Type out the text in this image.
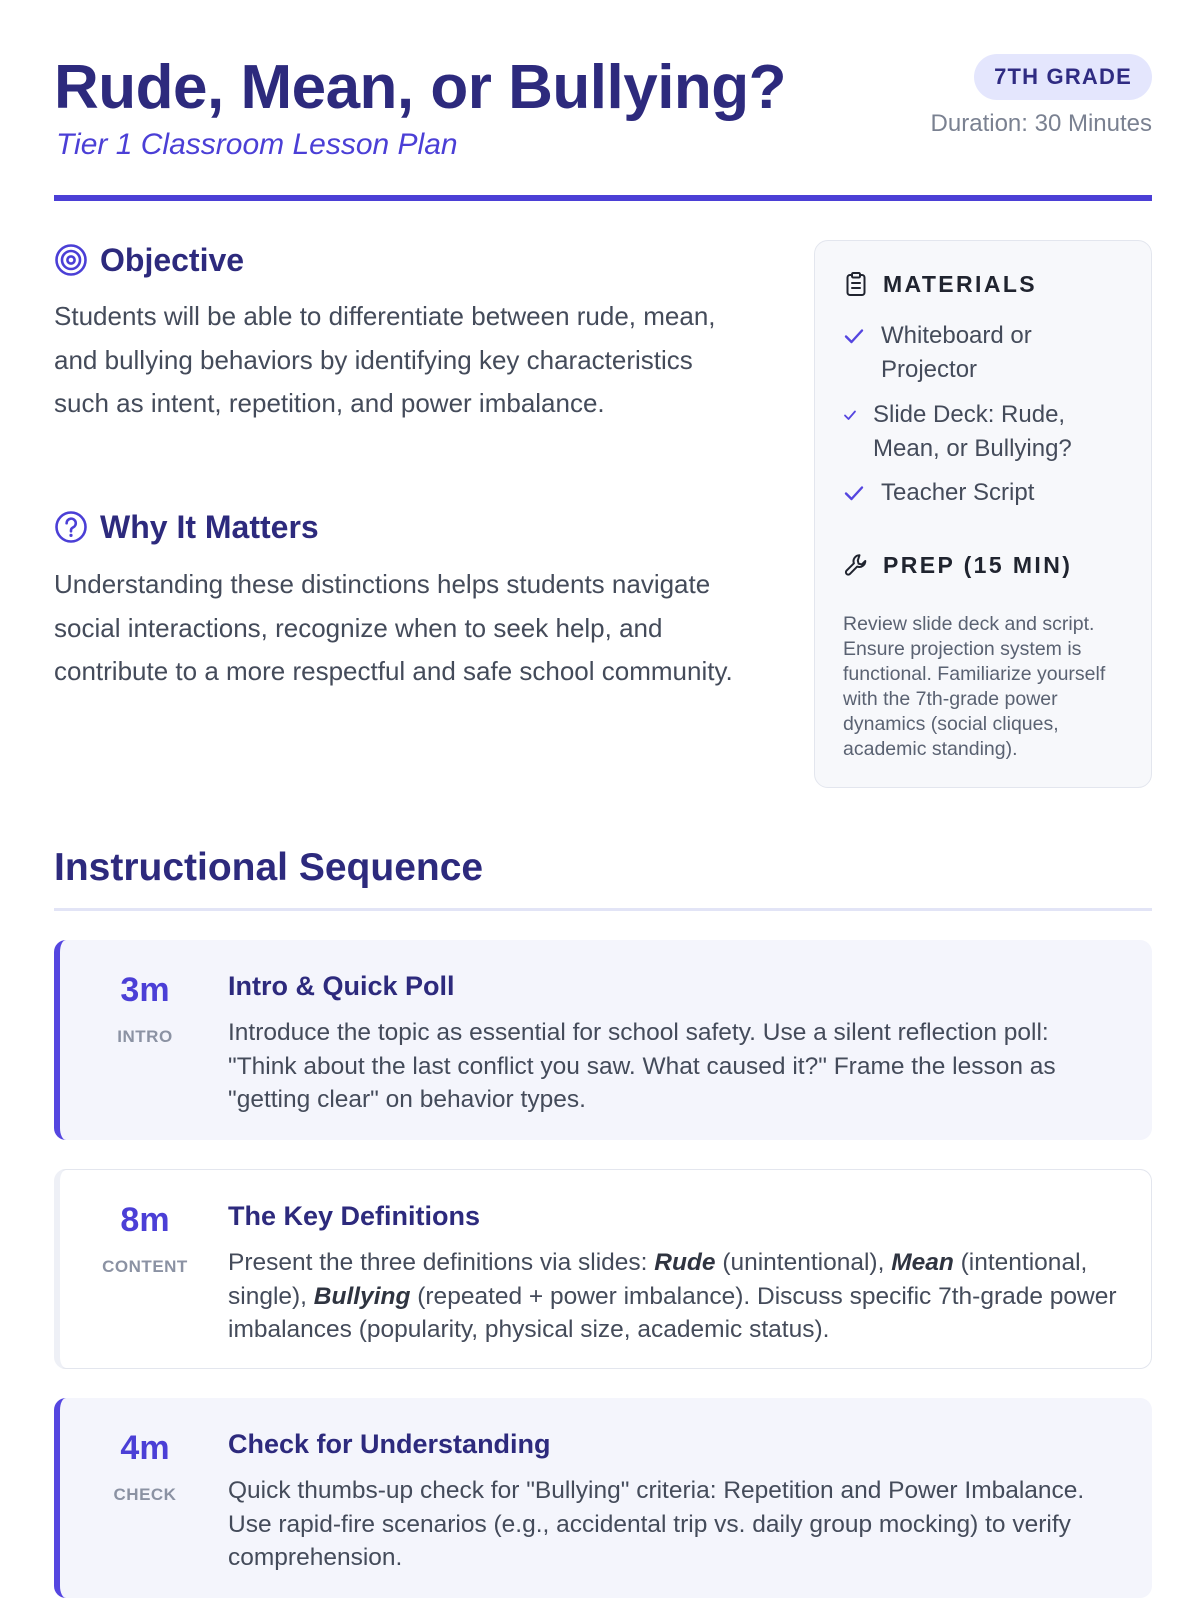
Rude, Mean, or Bullying?
Tier 1 Classroom Lesson Plan
7TH GRADE
Duration: 30 Minutes
Objective

Students will be able to differentiate between rude, mean, and bullying behaviors by identifying key characteristics such as intent, repetition, and power imbalance.

Why It Matters

Understanding these distinctions helps students navigate social interactions, recognize when to seek help, and contribute to a more respectful and safe school community.

MATERIALS
Whiteboard or Projector
Slide Deck: Rude, Mean, or Bullying?
Teacher Script
PREP (15 MIN)

Review slide deck and script. Ensure projection system is functional. Familiarize yourself with the 7th-grade power dynamics (social cliques, academic standing).

Instructional Sequence
3m
INTRO
Intro & Quick Poll
Introduce the topic as essential for school safety. Use a silent reflection poll: "Think about the last conflict you saw. What caused it?" Frame the lesson as "getting clear" on behavior types.
8m
CONTENT
The Key Definitions
Present the three definitions via slides: Rude (unintentional), Mean (intentional, single), Bullying (repeated + power imbalance). Discuss specific 7th-grade power imbalances (popularity, physical size, academic status).
4m
CHECK
Check for Understanding
Quick thumbs-up check for "Bullying" criteria: Repetition and Power Imbalance. Use rapid-fire scenarios (e.g., accidental trip vs. daily group mocking) to verify comprehension.
